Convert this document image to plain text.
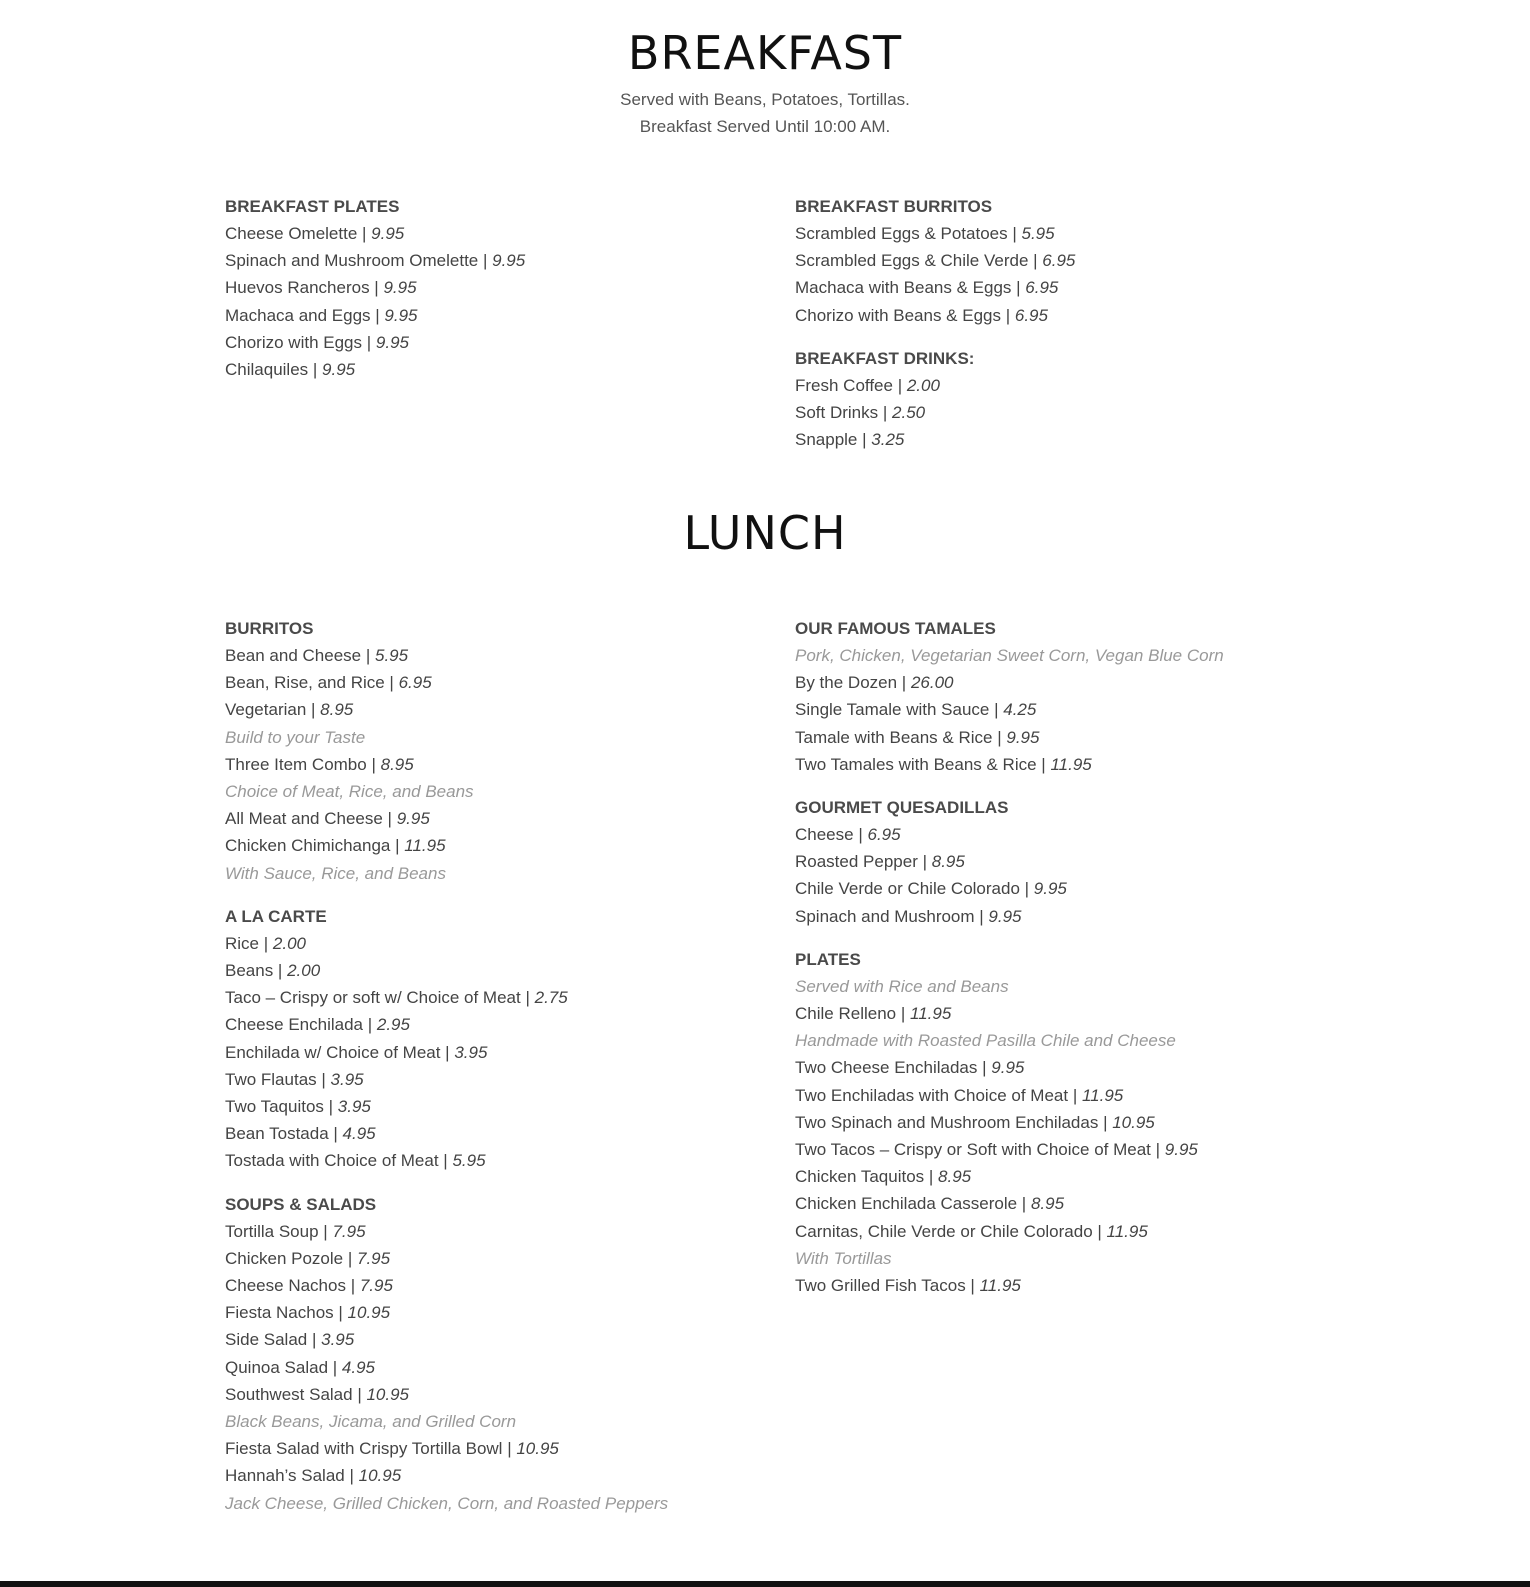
BREAKFAST
Served with Beans, Potatoes, Tortillas.
Breakfast Served Until 10:00 AM.
BREAKFAST PLATES
Cheese Omelette | 9.95
Spinach and Mushroom Omelette | 9.95
Huevos Rancheros | 9.95
Machaca and Eggs | 9.95
Chorizo with Eggs | 9.95
Chilaquiles | 9.95
BREAKFAST BURRITOS
Scrambled Eggs & Potatoes | 5.95
Scrambled Eggs & Chile Verde | 6.95
Machaca with Beans & Eggs | 6.95
Chorizo with Beans & Eggs | 6.95
BREAKFAST DRINKS:
Fresh Coffee | 2.00
Soft Drinks | 2.50
Snapple | 3.25
LUNCH
BURRITOS
Bean and Cheese | 5.95
Bean, Rise, and Rice | 6.95
Vegetarian | 8.95
Build to your Taste
Three Item Combo | 8.95
Choice of Meat, Rice, and Beans
All Meat and Cheese | 9.95
Chicken Chimichanga | 11.95
With Sauce, Rice, and Beans
A LA CARTE
Rice | 2.00
Beans | 2.00
Taco – Crispy or soft w/ Choice of Meat | 2.75
Cheese Enchilada | 2.95
Enchilada w/ Choice of Meat | 3.95
Two Flautas | 3.95
Two Taquitos | 3.95
Bean Tostada | 4.95
Tostada with Choice of Meat | 5.95
SOUPS & SALADS
Tortilla Soup | 7.95
Chicken Pozole | 7.95
Cheese Nachos | 7.95
Fiesta Nachos | 10.95
Side Salad | 3.95
Quinoa Salad | 4.95
Southwest Salad | 10.95
Black Beans, Jicama, and Grilled Corn
Fiesta Salad with Crispy Tortilla Bowl | 10.95
Hannah’s Salad | 10.95
Jack Cheese, Grilled Chicken, Corn, and Roasted Peppers
OUR FAMOUS TAMALES
Pork, Chicken, Vegetarian Sweet Corn, Vegan Blue Corn
By the Dozen | 26.00
Single Tamale with Sauce | 4.25
Tamale with Beans & Rice | 9.95
Two Tamales with Beans & Rice | 11.95
GOURMET QUESADILLAS
Cheese | 6.95
Roasted Pepper | 8.95
Chile Verde or Chile Colorado | 9.95
Spinach and Mushroom | 9.95
PLATES
Served with Rice and Beans
Chile Relleno | 11.95
Handmade with Roasted Pasilla Chile and Cheese
Two Cheese Enchiladas | 9.95
Two Enchiladas with Choice of Meat | 11.95
Two Spinach and Mushroom Enchiladas | 10.95
Two Tacos – Crispy or Soft with Choice of Meat | 9.95
Chicken Taquitos | 8.95
Chicken Enchilada Casserole | 8.95
Carnitas, Chile Verde or Chile Colorado | 11.95
With Tortillas
Two Grilled Fish Tacos | 11.95
